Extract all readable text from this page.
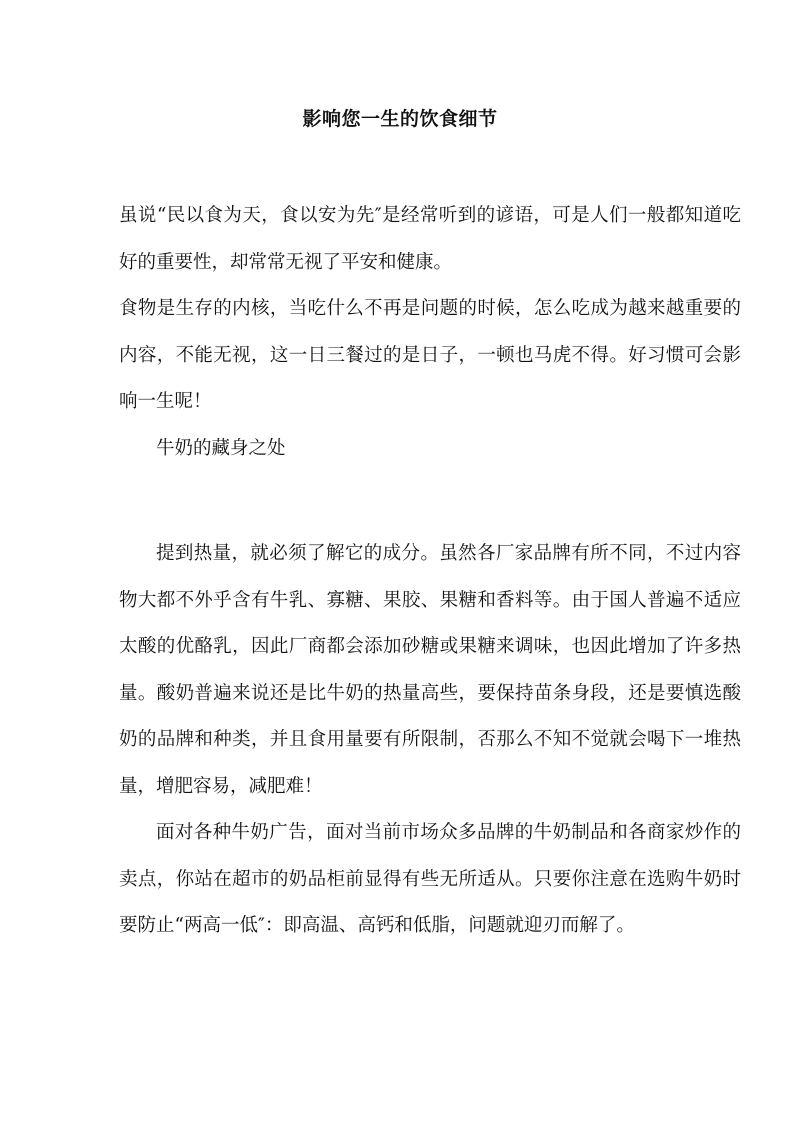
影响您一生的饮食细节

虽说“民以食为天，食以安为先″是经常听到的谚语，可是人们一般都知道吃好的重要性，却常常无视了平安和健康。

食物是生存的内核，当吃什么不再是问题的时候，怎么吃成为越来越重要的内容，不能无视，这一日三餐过的是日子，一顿也马虎不得。好习惯可会影响一生呢！

牛奶的藏身之处

提到热量，就必须了解它的成分。虽然各厂家品牌有所不同，不过内容物大都不外乎含有牛乳、寡糖、果胶、果糖和香料等。由于国人普遍不适应太酸的优酪乳，因此厂商都会添加砂糖或果糖来调味，也因此增加了许多热量。酸奶普遍来说还是比牛奶的热量高些，要保持苗条身段，还是要慎选酸奶的品牌和种类，并且食用量要有所限制，否那么不知不觉就会喝下一堆热量，增肥容易，减肥难！

面对各种牛奶广告，面对当前市场众多品牌的牛奶制品和各商家炒作的卖点，你站在超市的奶品柜前显得有些无所适从。只要你注意在选购牛奶时要防止“两高一低″：即高温、高钙和低脂，问题就迎刃而解了。
